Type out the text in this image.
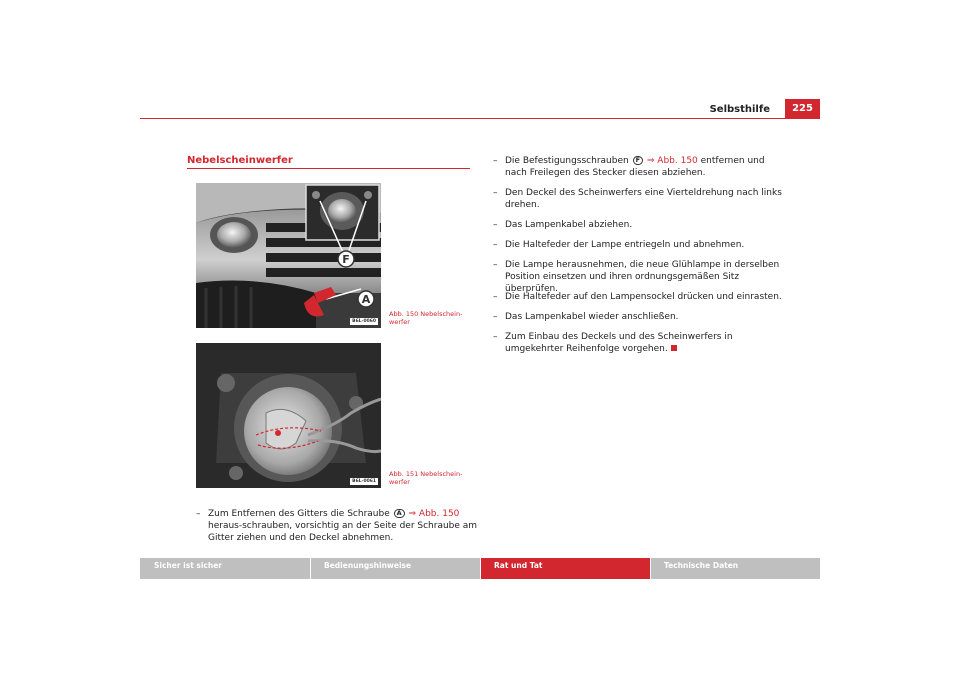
Selbsthilfe	225
Nebelscheinwerfer
F
A
B6L-0060
Abb. 150 Nebelschein-werfer
B6L-0061
Abb. 151 Nebelschein-werfer
– Zum Entfernen des Gitters die Schraube A ⇒ Abb. 150 heraus-schrauben, vorsichtig an der Seite der Schraube am Gitter ziehen und den Deckel abnehmen.
– Die Befestigungsschrauben F ⇒ Abb. 150 entfernen und nach Freilegen des Stecker diesen abziehen.
– Den Deckel des Scheinwerfers eine Vierteldrehung nach links drehen.
– Das Lampenkabel abziehen.
– Die Haltefeder der Lampe entriegeln und abnehmen.
– Die Lampe herausnehmen, die neue Glühlampe in derselben Position einsetzen und ihren ordnungsgemäßen Sitz überprüfen.
– Die Haltefeder auf den Lampensockel drücken und einrasten.
– Das Lampenkabel wieder anschließen.
– Zum Einbau des Deckels und des Scheinwerfers in umgekehrter Reihenfolge vorgehen.
Sicher ist sicher	Bedienungshinweise	Rat und Tat	Technische Daten
